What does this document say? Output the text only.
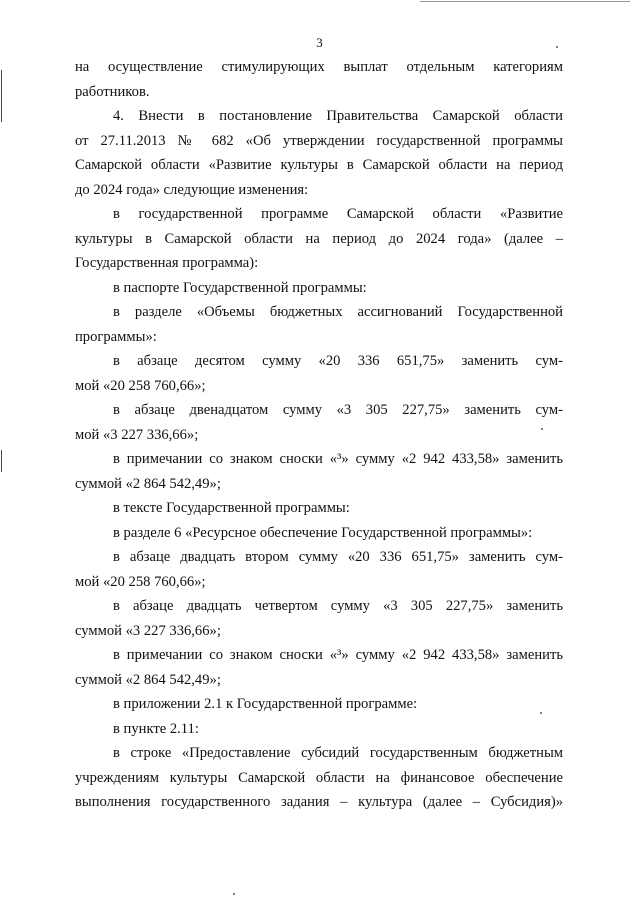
3

на осуществление стимулирующих выплат отдельным категориям
работников.

4. Внести в постановление Правительства Самарской области
от 27.11.2013 № 682 «Об утверждении государственной программы
Самарской области «Развитие культуры в Самарской области на период
до 2024 года» следующие изменения:

в государственной программе Самарской области «Развитие
культуры в Самарской области на период до 2024 года» (далее –
Государственная программа):

в паспорте Государственной программы:

в разделе «Объемы бюджетных ассигнований Государственной
программы»:

в абзаце десятом сумму «20 336 651,75» заменить сум-
мой «20 258 760,66»;

в абзаце двенадцатом сумму «3 305 227,75» заменить сум-
мой «3 227 336,66»;

в примечании со знаком сноски «³» сумму «2 942 433,58» заменить
суммой «2 864 542,49»;

в тексте Государственной программы:

в разделе 6 «Ресурсное обеспечение Государственной программы»:

в абзаце двадцать втором сумму «20 336 651,75» заменить сум-
мой «20 258 760,66»;

в абзаце двадцать четвертом сумму «3 305 227,75» заменить
суммой «3 227 336,66»;

в примечании со знаком сноски «³» сумму «2 942 433,58» заменить
суммой «2 864 542,49»;

в приложении 2.1 к Государственной программе:

в пункте 2.11:

в строке «Предоставление субсидий государственным бюджетным
учреждениям культуры Самарской области на финансовое обеспечение
выполнения государственного задания – культура (далее – Субсидия)»
